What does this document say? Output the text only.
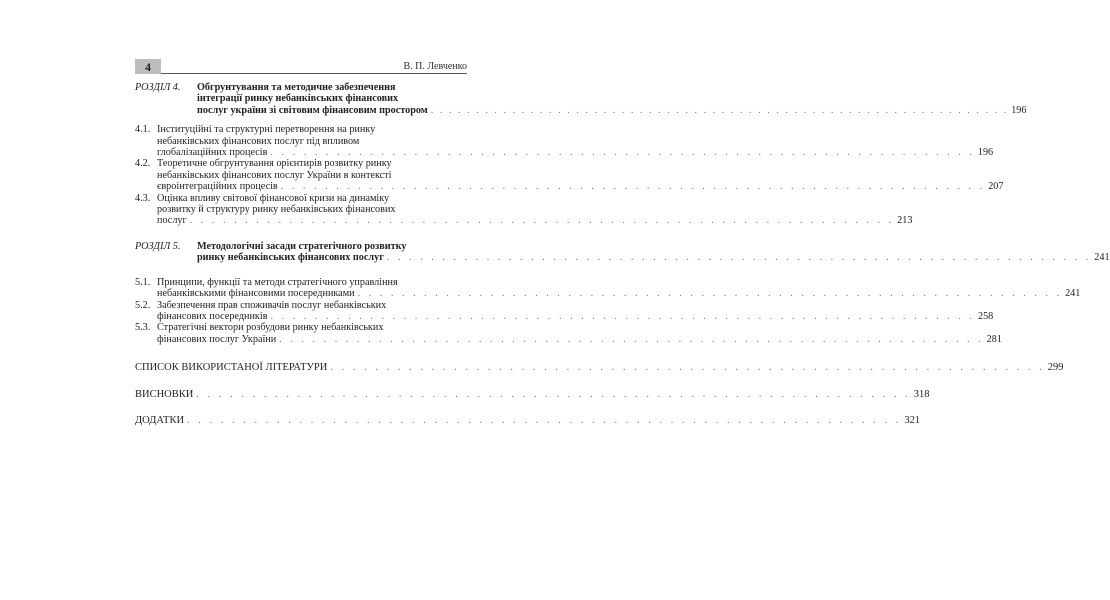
4	В. П. Левченко
РОЗДІЛ 4.	Обгрунтування та методичне забезпечення
інтеграції ринку небанківських фінансових
послуг україни зі світовим фінансовим простором . . .	196
4.1. Інституційні та структурні перетворення на ринку
небанківських фінансових послуг під впливом
глобалізаційних процесів . . .	196
4.2. Теоретичне обгрунтування орієнтирів розвитку ринку
небанківських фінансових послуг України в контексті
євроінтеграційних процесів . . .	207
4.3. Оцінка впливу світової фінансової кризи на динаміку
розвитку й структуру ринку небанківських фінансових
послуг . . .	213
РОЗДІЛ 5.	Методологічні засади стратегічного розвитку
ринку небанківських фінансових послуг . . .	241
5.1. Принципи, функції та методи стратегічного управління
небанківськими фінансовими посередниками . . .	241
5.2. Забезпечення прав споживачів послуг небанківських
фінансових посередників . . .	258
5.3. Стратегічні вектори розбудови ринку небанківських
фінансових послуг України . . .	281
СПИСОК ВИКОРИСТАНОЇ ЛІТЕРАТУРИ . . .	299
ВИСНОВКИ . . .	318
ДОДАТКИ . . .	321
